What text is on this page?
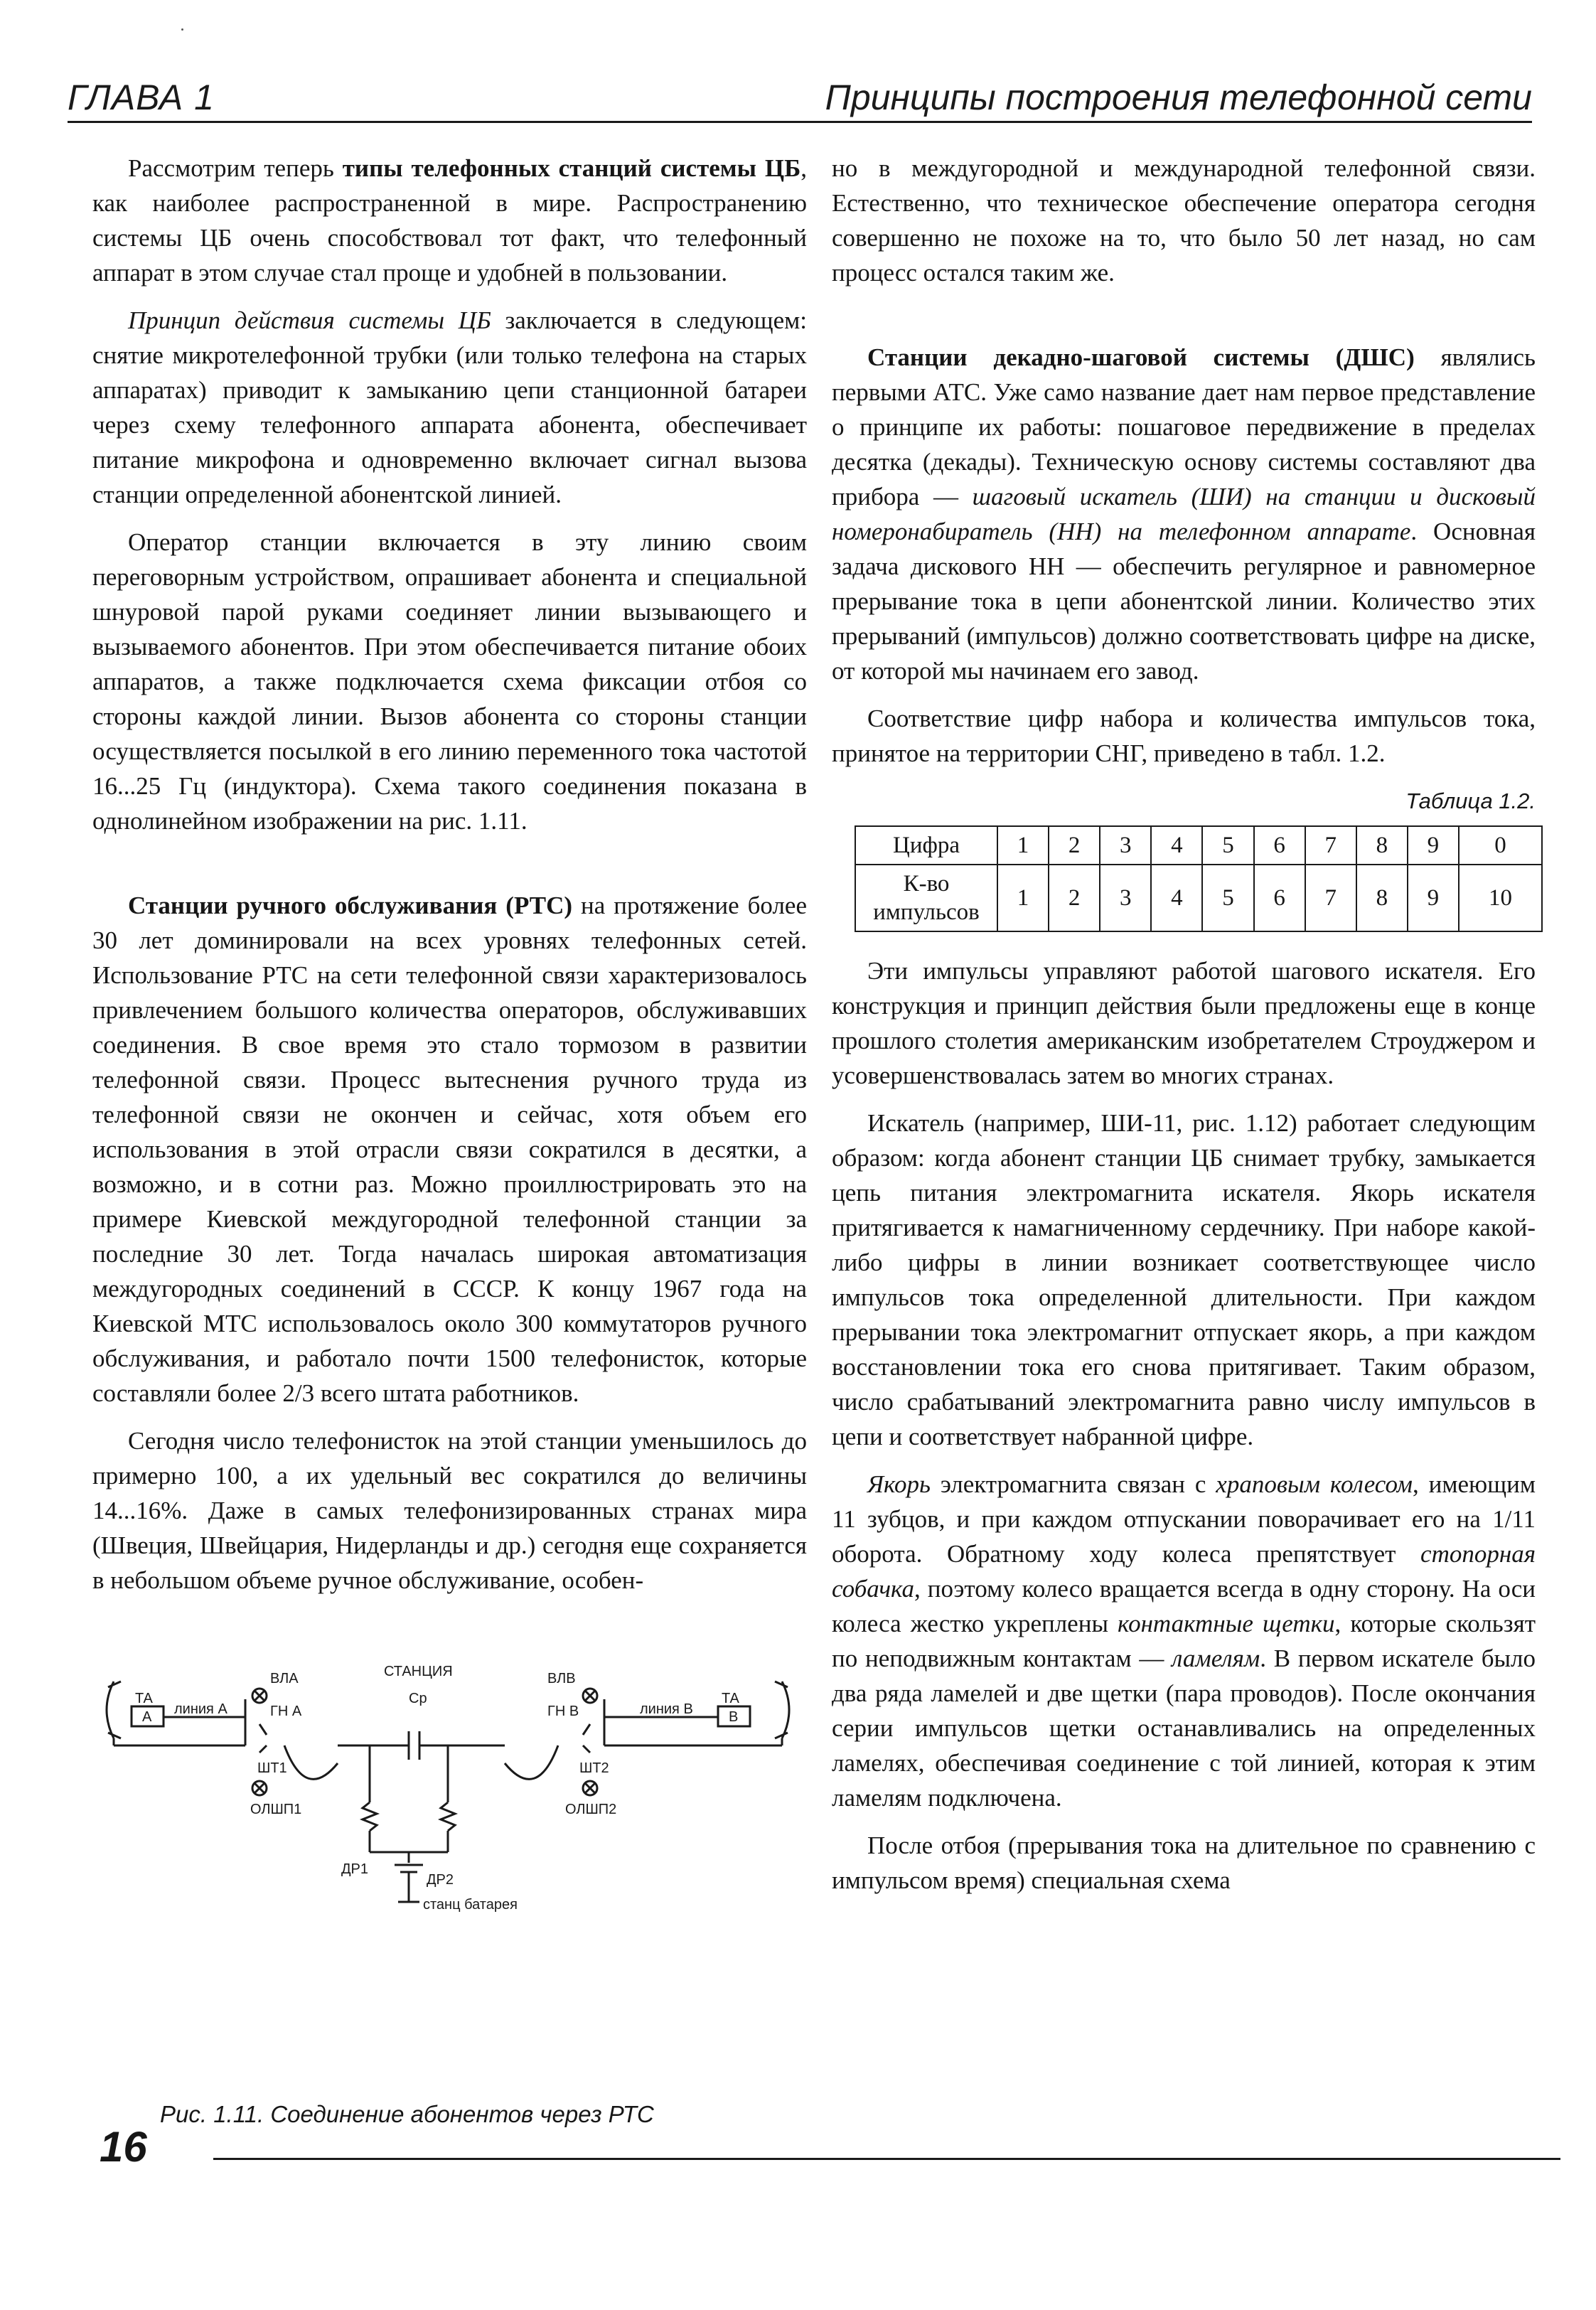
ГЛАВА 1	Принципы построения телефонной сети

Рассмотрим теперь типы телефонных станций системы ЦБ, как наиболее распространенной в мире. Распространению системы ЦБ очень способствовал тот факт, что телефонный аппарат в этом случае стал проще и удобней в пользовании.

Принцип действия системы ЦБ заключается в следующем: снятие микротелефонной трубки (или только телефона на старых аппаратах) приводит к замыканию цепи станционной батареи через схему телефонного аппарата абонента, обеспечивает питание микрофона и одновременно включает сигнал вызова станции определенной абонентской линией.

Оператор станции включается в эту линию своим переговорным устройством, опрашивает абонента и специальной шнуровой парой руками соединяет линии вызывающего и вызываемого абонентов. При этом обеспечивается питание обоих аппаратов, а также подключается схема фиксации отбоя со стороны каждой линии. Вызов абонента со стороны станции осуществляется посылкой в его линию переменного тока частотой 16...25 Гц (индуктора). Схема такого соединения показана в однолинейном изображении на рис. 1.11.

Станции ручного обслуживания (РТС) на протяжение более 30 лет доминировали на всех уровнях телефонных сетей. Использование РТС на сети телефонной связи характеризовалось привлечением большого количества операторов, обслуживавших соединения. В свое время это стало тормозом в развитии телефонной связи. Процесс вытеснения ручного труда из телефонной связи не окончен и сейчас, хотя объем его использования в этой отрасли связи сократился в десятки, а возможно, и в сотни раз. Можно проиллюстрировать это на примере Киевской междугородной телефонной станции за последние 30 лет. Тогда началась широкая автоматизация междугородных соединений в СССР. К концу 1967 года на Киевской МТС использовалось около 300 коммутаторов ручного обслуживания, и работало почти 1500 телефонисток, которые составляли более 2/3 всего штата работников.

Сегодня число телефонисток на этой станции уменьшилось до примерно 100, а их удельный вес сократился до величины 14...16%. Даже в самых телефонизированных странах мира (Швеция, Швейцария, Нидерланды и др.) сегодня еще сохраняется в небольшом объеме ручное обслуживание, особен-

но в междугородной и международной телефонной связи. Естественно, что техническое обеспечение оператора сегодня совершенно не похоже на то, что было 50 лет назад, но сам процесс остался таким же.

Станции декадно-шаговой системы (ДШС) являлись первыми АТС. Уже само название дает нам первое представление о принципе их работы: пошаговое передвижение в пределах десятка (декады). Техническую основу системы составляют два прибора — шаговый искатель (ШИ) на станции и дисковый номеронабиратель (НН) на телефонном аппарате. Основная задача дискового НН — обеспечить регулярное и равномерное прерывание тока в цепи абонентской линии. Количество этих прерываний (импульсов) должно соответствовать цифре на диске, от которой мы начинаем его завод.

Соответствие цифр набора и количества импульсов тока, принятое на территории СНГ, приведено в табл. 1.2.

Таблица 1.2.
Цифра	1	2	3	4	5	6	7	8	9	0
К-во
импульсов	1	2	3	4	5	6	7	8	9	10

Эти импульсы управляют работой шагового искателя. Его конструкция и принцип действия были предложены еще в конце прошлого столетия американским изобретателем Строуджером и усовершенствовалась затем во многих странах.

Искатель (например, ШИ-11, рис. 1.12) работает следующим образом: когда абонент станции ЦБ снимает трубку, замыкается цепь питания электромагнита искателя. Якорь искателя притягивается к намагниченному сердечнику. При наборе какой-либо цифры в линии возникает соответствующее число импульсов тока определенной длительности. При каждом прерывании тока электромагнит отпускает якорь, а при каждом восстановлении тока его снова притягивает. Таким образом, число срабатываний электромагнита равно числу импульсов в цепи и соответствует набранной цифре.

Якорь электромагнита связан с храповым колесом, имеющим 11 зубцов, и при каждом отпускании поворачивает его на 1/11 оборота. Обратному ходу колеса препятствует стопорная собачка, поэтому колесо вращается всегда в одну сторону. На оси колеса жестко укреплены контактные щетки, которые скользят по неподвижным контактам — ламелям. В первом искателе было два ряда ламелей и две щетки (пара проводов). После окончания серии импульсов щетки останавливались на определенных ламелях, обеспечивая соединение с той линией, которая к этим ламелям подключена.

После отбоя (прерывания тока на длительное по сравнению с импульсом время) специальная схема

ТА
А линия А
ВЛА
ГН А
ШТ1
ОЛШП1
СТАНЦИЯ
Ср
ДР1
ДР2
станц батарея
ВЛВ
ГН В
ШТ2
ОЛШП2
линия В
ТА
В
Рис. 1.11. Соединение абонентов через РТС
16
